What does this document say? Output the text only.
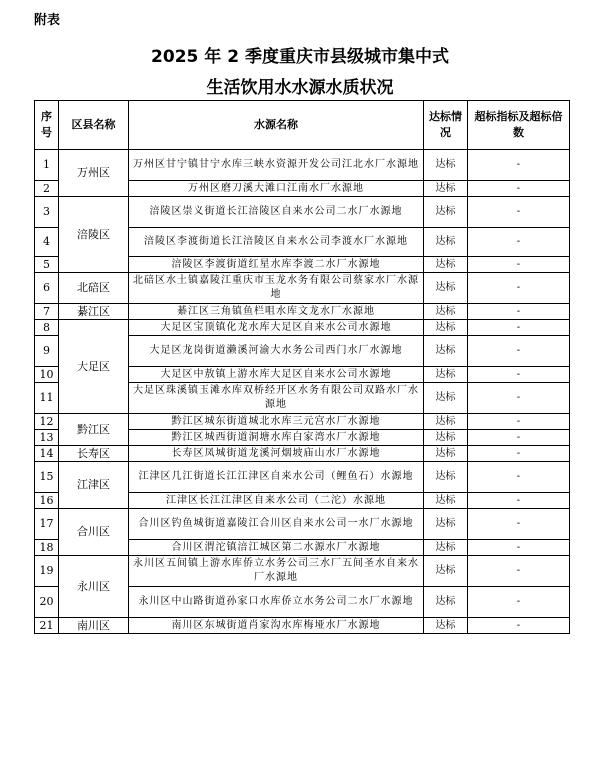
附表
2025 年 2 季度重庆市县级城市集中式
生活饮用水水源水质状况
序号	区县名称	水源名称	达标情况	超标指标及超标倍数
1	万州区	万州区甘宁镇甘宁水库三峡水资源开发公司江北水厂水源地	达标	-
2		万州区磨刀溪大滩口江南水厂水源地	达标	-
3	涪陵区	涪陵区崇义街道长江涪陵区自来水公司二水厂水源地	达标	-
4		涪陵区李渡街道长江涪陵区自来水公司李渡水厂水源地	达标	-
5		涪陵区李渡街道红星水库李渡二水厂水源地	达标	-
6	北碚区	北碚区水土镇嘉陵江重庆市玉龙水务有限公司蔡家水厂水源地	达标	-
7	綦江区	綦江区三角镇鱼栏咀水库文龙水厂水源地	达标	-
8	大足区	大足区宝顶镇化龙水库大足区自来水公司水源地	达标	-
9		大足区龙岗街道濑溪河渝大水务公司西门水厂水源地	达标	-
10		大足区中敖镇上游水库大足区自来水公司水源地	达标	-
11		大足区珠溪镇玉滩水库双桥经开区水务有限公司双路水厂水源地	达标	-
12	黔江区	黔江区城东街道城北水库三元宫水厂水源地	达标	-
13		黔江区城西街道洞塘水库白家湾水厂水源地	达标	-
14	长寿区	长寿区凤城街道龙溪河烟坡庙山水厂水源地	达标	-
15	江津区	江津区几江街道长江江津区自来水公司（鲤鱼石）水源地	达标	-
16		江津区长江江津区自来水公司（二沱）水源地	达标	-
17	合川区	合川区钓鱼城街道嘉陵江合川区自来水公司一水厂水源地	达标	-
18		合川区渭沱镇涪江城区第二水源水厂水源地	达标	-
19	永川区	永川区五间镇上游水库侨立水务公司三水厂五间圣水自来水厂水源地	达标	-
20		永川区中山路街道孙家口水库侨立水务公司二水厂水源地	达标	-
21	南川区	南川区东城街道肖家沟水库梅垭水厂水源地	达标	-
